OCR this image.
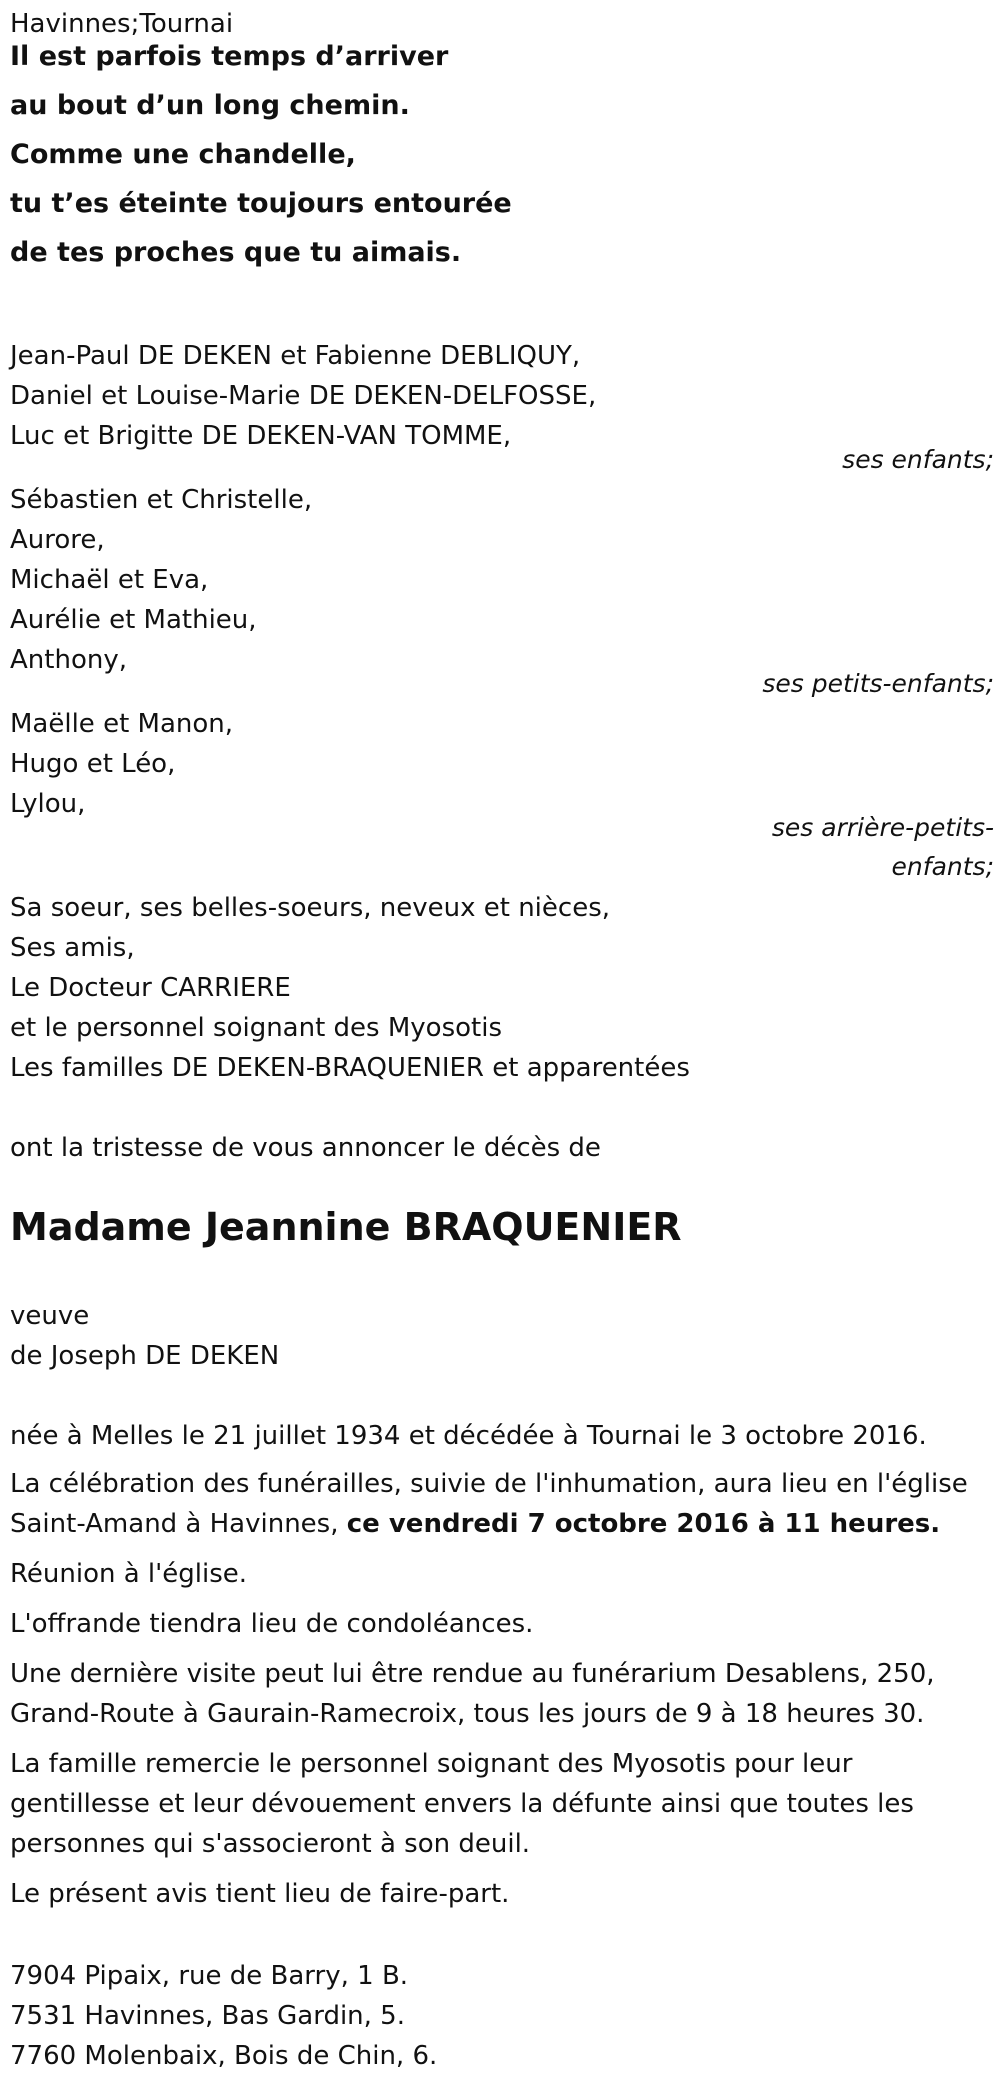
Havinnes;Tournai
Il est parfois temps d’arriver
au bout d’un long chemin.
Comme une chandelle,
tu t’es éteinte toujours entourée
de tes proches que tu aimais.
Jean-Paul DE DEKEN et Fabienne DEBLIQUY,
Daniel et Louise-Marie DE DEKEN-DELFOSSE,
Luc et Brigitte DE DEKEN-VAN TOMME,
ses enfants;
Sébastien et Christelle,
Aurore,
Michaël et Eva,
Aurélie et Mathieu,
Anthony,
ses petits-enfants;
Maëlle et Manon,
Hugo et Léo,
Lylou,
ses arrière-petits-
enfants;
Sa soeur, ses belles-soeurs, neveux et nièces,
Ses amis,
Le Docteur CARRIERE
et le personnel soignant des Myosotis
Les familles DE DEKEN-BRAQUENIER et apparentées
ont la tristesse de vous annoncer le décès de
Madame Jeannine BRAQUENIER
veuve
de Joseph DE DEKEN
née à Melles le 21 juillet 1934 et décédée à Tournai le 3 octobre 2016.
La célébration des funérailles, suivie de l'inhumation, aura lieu en l'église
Saint-Amand à Havinnes, ce vendredi 7 octobre 2016 à 11 heures.
Réunion à l'église.
L'offrande tiendra lieu de condoléances.
Une dernière visite peut lui être rendue au funérarium Desablens, 250,
Grand-Route à Gaurain-Ramecroix, tous les jours de 9 à 18 heures 30.
La famille remercie le personnel soignant des Myosotis pour leur
gentillesse et leur dévouement envers la défunte ainsi que toutes les
personnes qui s'associeront à son deuil.
Le présent avis tient lieu de faire-part.
7904 Pipaix, rue de Barry, 1 B.
7531 Havinnes, Bas Gardin, 5.
7760 Molenbaix, Bois de Chin, 6.
